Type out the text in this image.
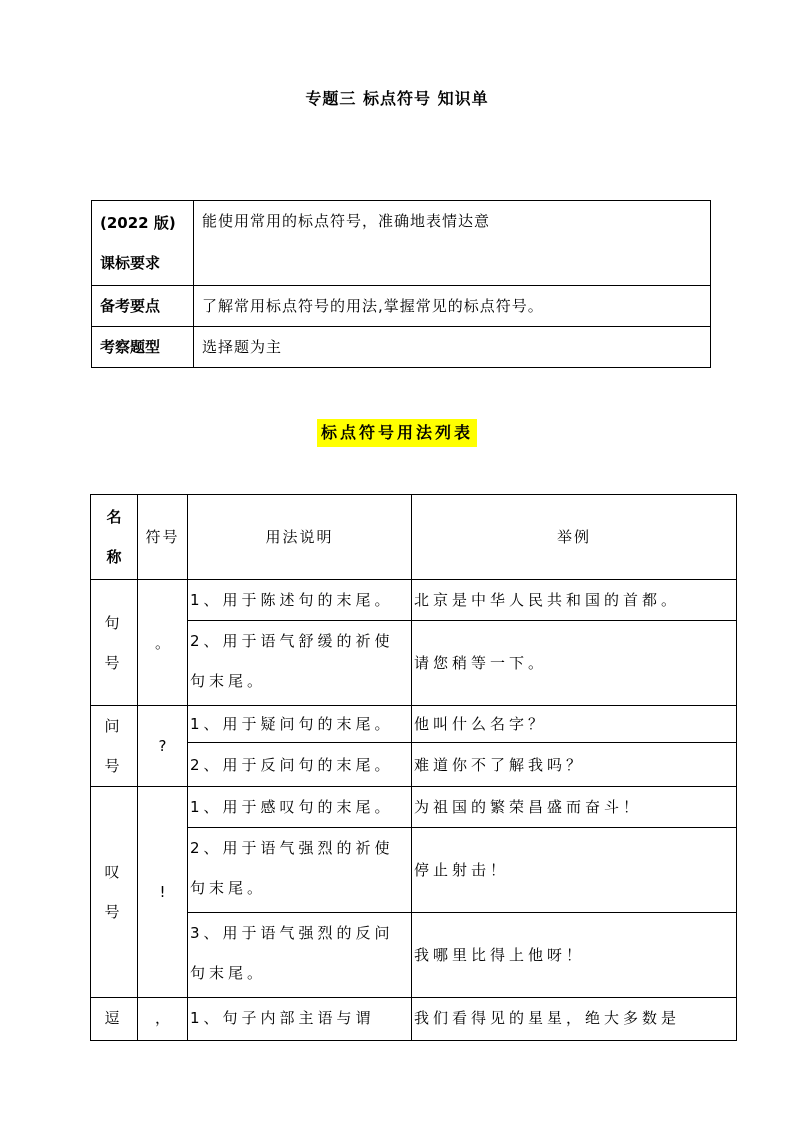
专题三 标点符号 知识单
(2022 版)
课标要求	能使用常用的标点符号，准确地表情达意
备考要点	了解常用标点符号的用法,掌握常见的标点符号。
考察题型	选择题为主
标点符号用法列表
名
称	符号	用法说明	举例

句
号	。	1、用于陈述句的末尾。	北京是中华人民共和国的首都。
		2、用于语气舒缓的祈使句末尾。	请您稍等一下。

问
号	?	1、用于疑问句的末尾。	他叫什么名字？
		2、用于反问句的末尾。	难道你不了解我吗？

叹
号	!	1、用于感叹句的末尾。	为祖国的繁荣昌盛而奋斗！
		2、用于语气强烈的祈使句末尾。	停止射击！
		3、用于语气强烈的反问句末尾。	我哪里比得上他呀！

逗	，	1、句子内部主语与谓	我们看得见的星星，绝大多数是
